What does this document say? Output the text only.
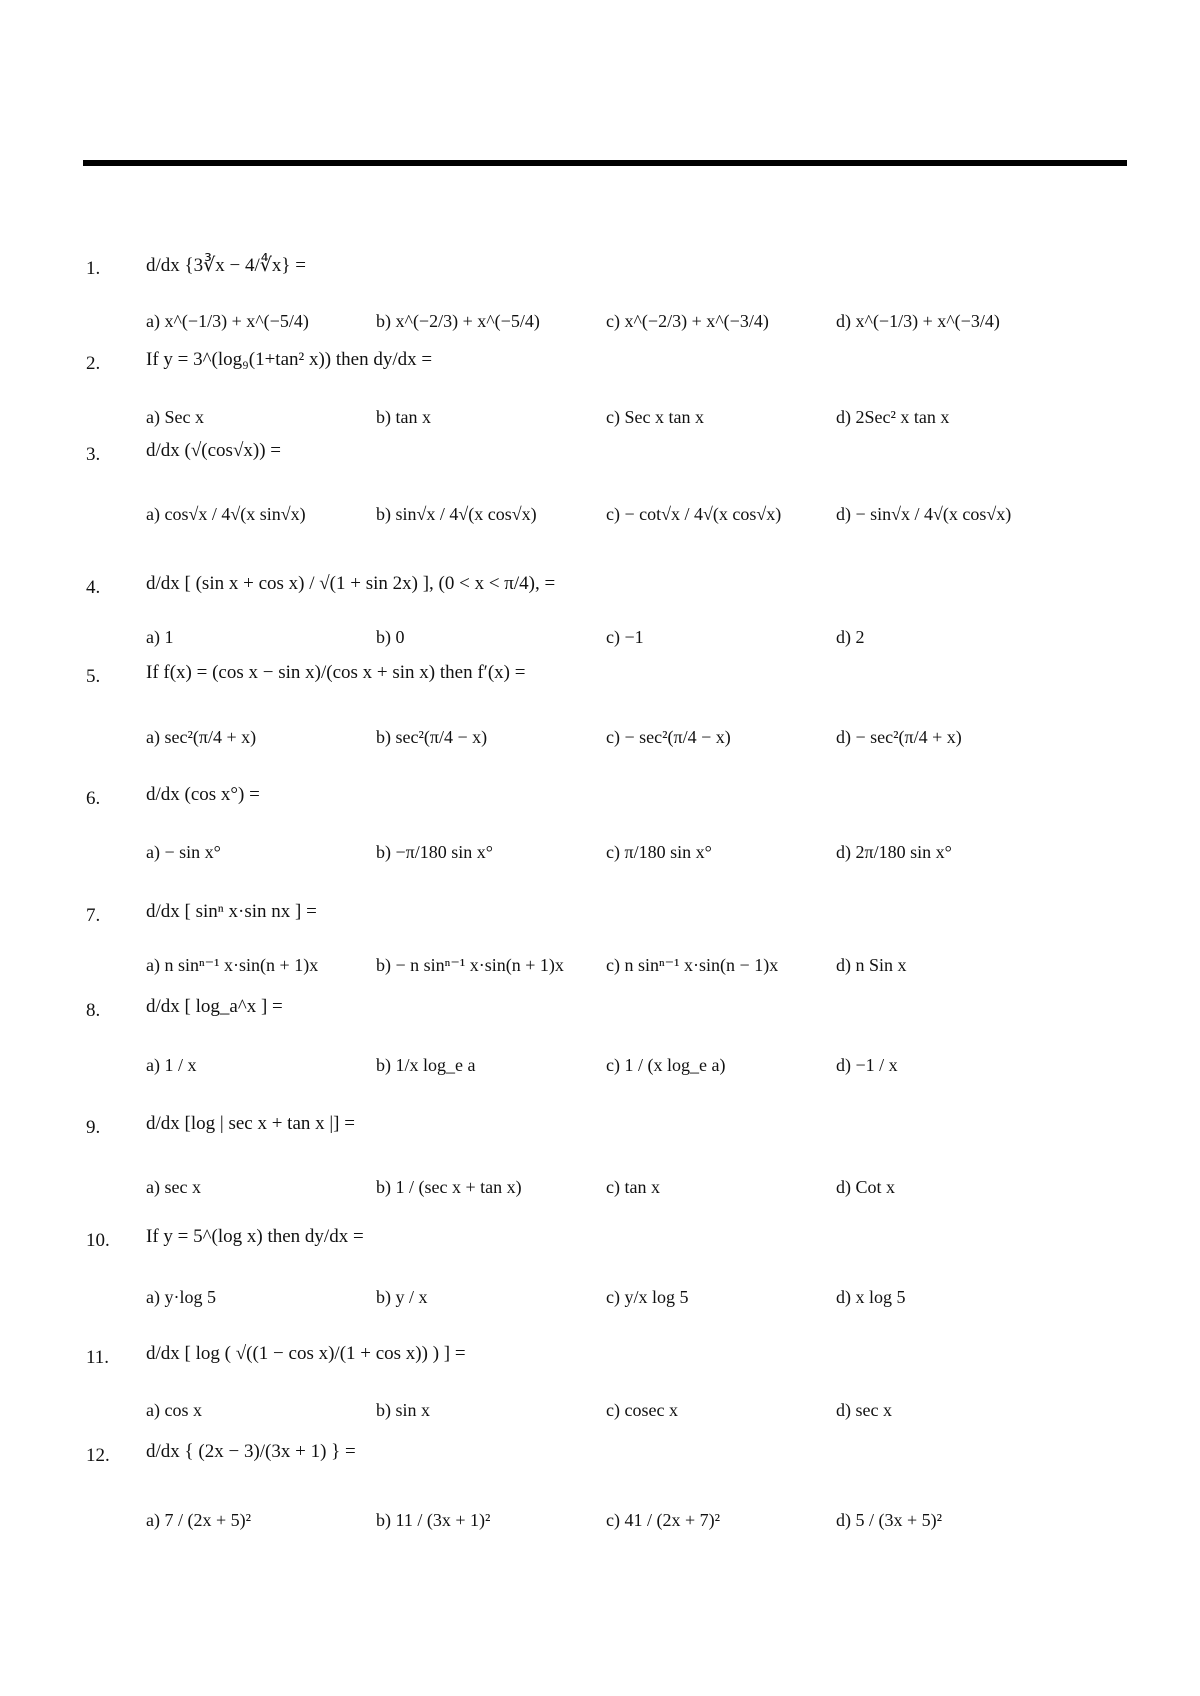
1. d/dx {3∛x − 4/∜x} =
a) x^(−1/3) + x^(−5/4)	b) x^(−2/3) + x^(−5/4)	c) x^(−2/3) + x^(−3/4)	d) x^(−1/3) + x^(−3/4)
2. If y = 3^(log₉(1+tan² x)) then dy/dx =
a) Sec x	b) tan x	c) Sec x tan x	d) 2Sec² x tan x
3. d/dx (√(cos√x)) =
a) cos√x / 4√(x sin√x)	b) sin√x / 4√(x cos√x)	c) − cot√x / 4√(x cos√x)	d) − sin√x / 4√(x cos√x)
4. d/dx [ (sin x + cos x) / √(1 + sin 2x) ], (0 < x < π/4), =
a) 1	b) 0	c) −1	d) 2
5. If f(x) = (cos x − sin x)/(cos x + sin x) then f′(x) =
a) sec²(π/4 + x)	b) sec²(π/4 − x)	c) − sec²(π/4 − x)	d) − sec²(π/4 + x)
6. d/dx (cos x°) =
a) − sin x°	b) −π/180 sin x°	c) π/180 sin x°	d) 2π/180 sin x°
7. d/dx [ sinⁿ x·sin nx ] =
a) n sinⁿ⁻¹ x·sin(n + 1)x	b) − n sinⁿ⁻¹ x·sin(n + 1)x c) n sinⁿ⁻¹ x·sin(n − 1)x	d) n Sin x
8. d/dx [ log_a^x ] =
a) 1 / x	b) 1/x log_e a	c) 1 / (x log_e a)	d) −1 / x
9. d/dx [log | sec x + tan x |] =
a) sec x	b) 1 / (sec x + tan x)	c) tan x	d) Cot x
10. If y = 5^(log x) then dy/dx =
a) y·log 5	b) y / x	c) y/x log 5	d) x log 5
11. d/dx [ log ( √((1 − cos x)/(1 + cos x)) ) ] =
a) cos x	b) sin x	c) cosec x	d) sec x
12. d/dx { (2x − 3)/(3x + 1) } =
a) 7 / (2x + 5)²	b) 11 / (3x + 1)²	c) 41 / (2x + 7)²	d) 5 / (3x + 5)²
